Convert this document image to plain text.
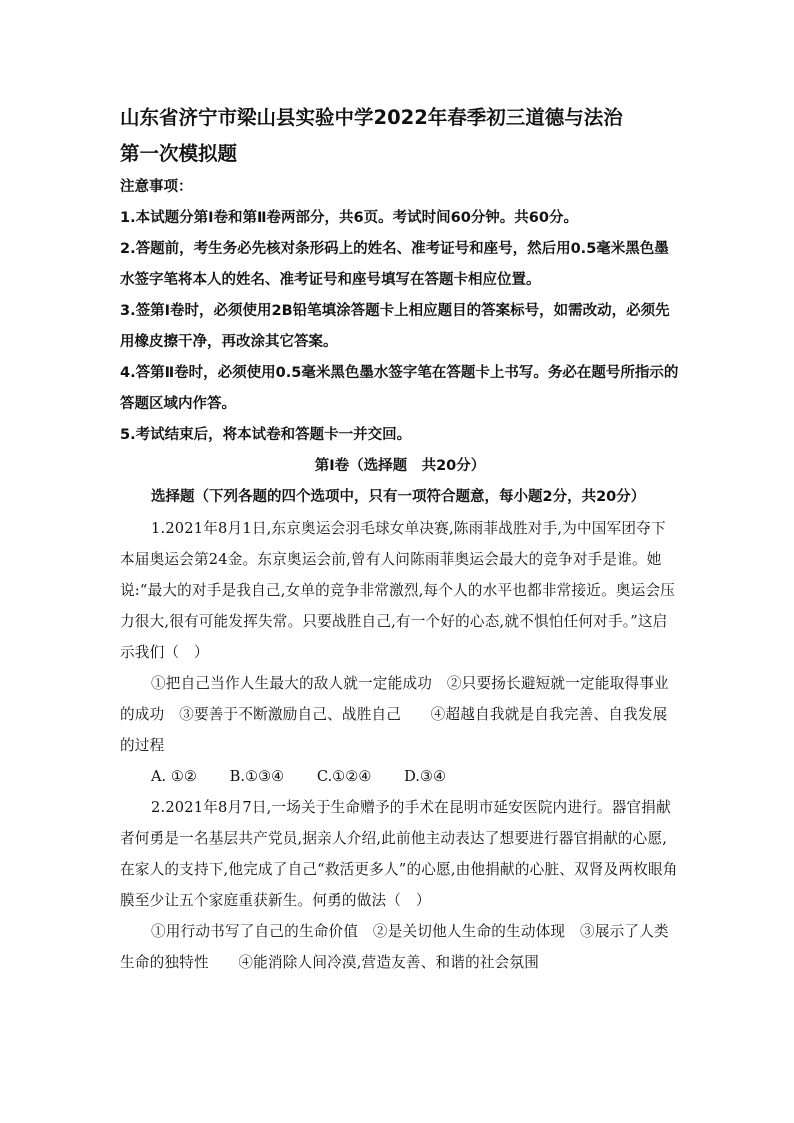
山东省济宁市梁山县实验中学2022年春季初三道德与法治

第一次模拟题

注意事项：

1.本试题分第Ⅰ卷和第Ⅱ卷两部分，共6页。考试时间60分钟。共60分。

2.答题前，考生务必先核对条形码上的姓名、准考证号和座号，然后用0.5毫米黑色墨水签字笔将本人的姓名、准考证号和座号填写在答题卡相应位置。

3.签第Ⅰ卷时，必须使用2B铅笔填涂答题卡上相应题目的答案标号，如需改动，必须先用橡皮擦干净，再改涂其它答案。

4.答第Ⅱ卷时，必须使用0.5毫米黑色墨水签字笔在答题卡上书写。务必在题号所指示的答题区域内作答。

5.考试结束后，将本试卷和答题卡一并交回。

第Ⅰ卷（选择题　共20分）

选择题（下列各题的四个选项中，只有一项符合题意，每小题2分，共20分）

1.2021年8月1日,东京奥运会羽毛球女单决赛,陈雨菲战胜对手,为中国军团夺下本届奥运会第24金。东京奥运会前,曾有人问陈雨菲奥运会最大的竞争对手是谁。她说:“最大的对手是我自己,女单的竞争非常激烈,每个人的水平也都非常接近。奥运会压力很大,很有可能发挥失常。只要战胜自己,有一个好的心态,就不惧怕任何对手。”这启示我们（　）

①把自己当作人生最大的敌人就一定能成功　②只要扬长避短就一定能取得事业的成功　③要善于不断激励自己、战胜自己　　④超越自我就是自我完善、自我发展的过程

A. ①② B.①③④ C.①②④ D.③④

2.2021年8月7日,一场关于生命赠予的手术在昆明市延安医院内进行。器官捐献者何勇是一名基层共产党员,据亲人介绍,此前他主动表达了想要进行器官捐献的心愿,在家人的支持下,他完成了自己“救活更多人”的心愿,由他捐献的心脏、双肾及两枚眼角膜至少让五个家庭重获新生。何勇的做法（　）

①用行动书写了自己的生命价值　②是关切他人生命的生动体现　③展示了人类生命的独特性　　④能消除人间冷漠,营造友善、和谐的社会氛围
